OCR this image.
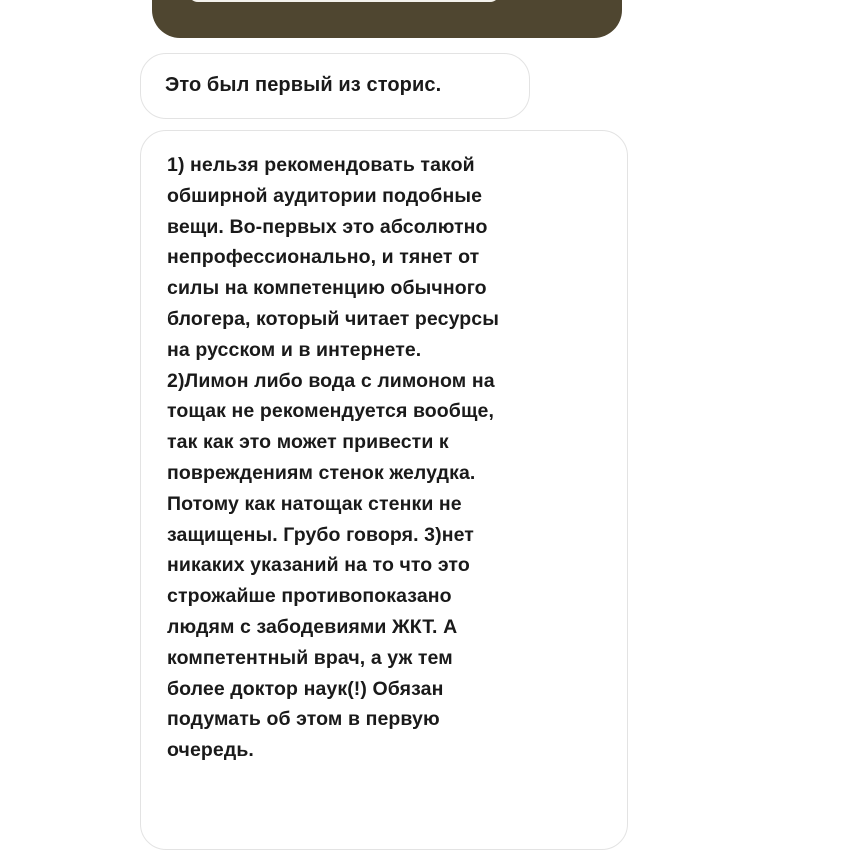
Это был первый из сторис.
1) нельзя рекомендовать такой
обширной аудитории подобные
вещи. Во-первых это абсолютно
непрофессионально, и тянет от
силы на компетенцию обычного
блогера, который читает ресурсы
на русском и в интернете.
2)Лимон либо вода с лимоном на
тощак не рекомендуется вообще,
так как это может привести к
повреждениям стенок желудка.
Потому как натощак стенки не
защищены. Грубо говоря. 3)нет
никаких указаний на то что это
строжайше противопоказано
людям с забодевиями ЖКТ. А
компетентный врач, а уж тем
более доктор наук(!) Обязан
подумать об этом в первую
очередь.
